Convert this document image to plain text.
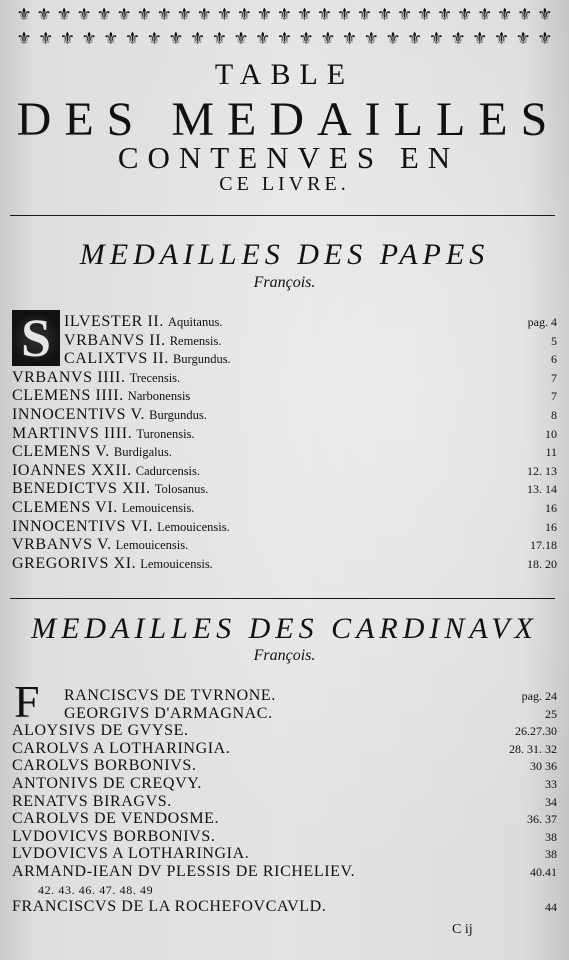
⚜ ⚜ ⚜ ⚜ ⚜ ⚜ ⚜ ⚜ ⚜ ⚜ ⚜ ⚜ ⚜ ⚜ ⚜ ⚜ ⚜ ⚜ ⚜ ⚜ ⚜ ⚜ ⚜ ⚜ ⚜ ⚜ ⚜
⚜ ⚜ ⚜ ⚜ ⚜ ⚜ ⚜ ⚜ ⚜ ⚜ ⚜ ⚜ ⚜ ⚜ ⚜ ⚜ ⚜ ⚜ ⚜ ⚜ ⚜ ⚜ ⚜ ⚜ ⚜
TABLE
DES MEDAILLES
CONTENVES EN
CE LIVRE.
MEDAILLES DES PAPES
François.
S ILVESTER II. Aquitanus.	pag. 4
VRBANVS II. Remensis.	5
CALIXTVS II. Burgundus.	6
VRBANVS IIII. Trecensis.	7
CLEMENS IIII. Narbonensis	7
INNOCENTIVS V. Burgundus.	8
MARTINVS IIII. Turonensis.	10
CLEMENS V. Burdigalus.	11
IOANNES XXII. Cadurcensis.	12. 13
BENEDICTVS XII. Tolosanus.	13. 14
CLEMENS VI. Lemouicensis.	16
INNOCENTIVS VI. Lemouicensis.	16
VRBANVS V. Lemouicensis.	17.18
GREGORIVS XI. Lemouicensis.	18. 20
MEDAILLES DES CARDINAVX
François.
F	RANCISCVS DE TVRNONE.	pag. 24
GEORGIVS D'ARMAGNAC.	25
ALOYSIVS DE GVYSE.	26.27.30
CAROLVS A LOTHARINGIA.	28. 31. 32
CAROLVS BORBONIVS.	30 36
ANTONIVS DE CREQVY.	33
RENATVS BIRAGVS.	34
CAROLVS DE VENDOSME.	36. 37
LVDOVICVS BORBONIVS.	38
LVDOVICVS A LOTHARINGIA.	38
ARMAND-IEAN DV PLESSIS DE RICHELIEV.	40.41
42. 43. 46. 47. 48. 49
FRANCISCVS DE LA ROCHEFOVCAVLD.	44
C ij
